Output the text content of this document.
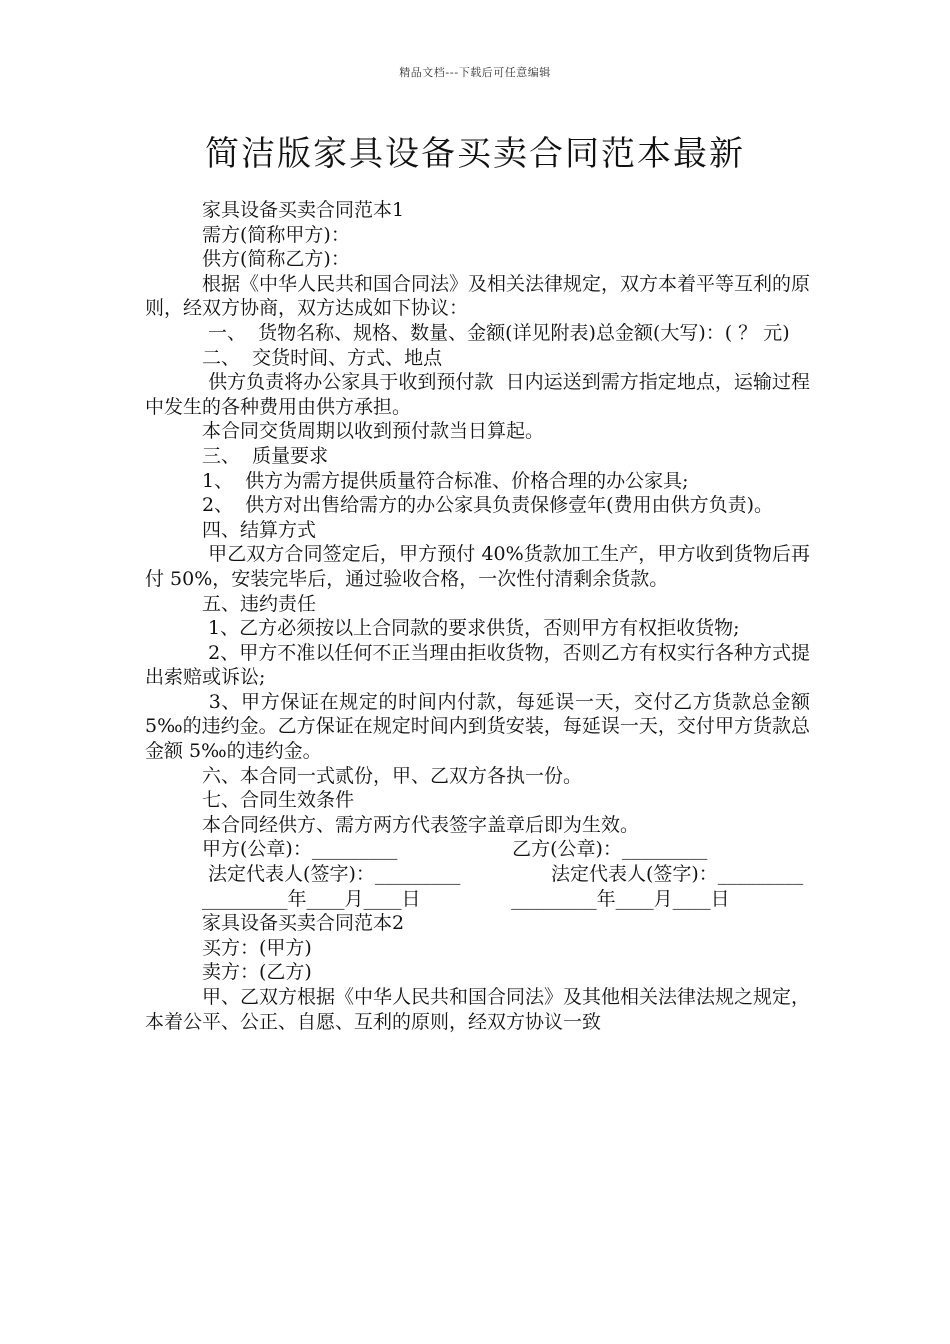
精品文档---下载后可任意编辑
简洁版家具设备买卖合同范本最新

家具设备买卖合同范本1

需方(简称甲方)：

供方(简称乙方)：

根据《中华人民共和国合同法》及相关法律规定，双方本着平等互利的原则，经双方协商，双方达成如下协议：

一、  货物名称、规格、数量、金额(详见附表)总金额(大写)：( ？ 元)

二、  交货时间、方式、地点

供方负责将办公家具于收到预付款  日内运送到需方指定地点，运输过程中发生的各种费用由供方承担。

本合同交货周期以收到预付款当日算起。

三、  质量要求

1、  供方为需方提供质量符合标准、价格合理的办公家具;

2、  供方对出售给需方的办公家具负责保修壹年(费用由供方负责)。

四、结算方式

甲乙双方合同签定后，甲方预付 40%货款加工生产，甲方收到货物后再付 50%，安装完毕后，通过验收合格，一次性付清剩余货款。

五、违约责任

1、乙方必须按以上合同款的要求供货，否则甲方有权拒收货物;

2、甲方不准以任何不正当理由拒收货物，否则乙方有权实行各种方式提出索赔或诉讼;

3、甲方保证在规定的时间内付款，每延误一天，交付乙方货款总金额 5‰的违约金。乙方保证在规定时间内到货安装，每延误一天，交付甲方货款总金额 5‰的违约金。

六、本合同一式贰份，甲、乙双方各执一份。

七、合同生效条件

本合同经供方、需方两方代表签字盖章后即为生效。

甲方(公章)：_________                   乙方(公章)：_________

法定代表人(签字)：_________               法定代表人(签字)：_________

_________年____月____日               _________年____月____日

家具设备买卖合同范本2

买方：(甲方)

卖方：(乙方)

甲、乙双方根据《中华人民共和国合同法》及其他相关法律法规之规定，本着公平、公正、自愿、互利的原则，经双方协议一致
